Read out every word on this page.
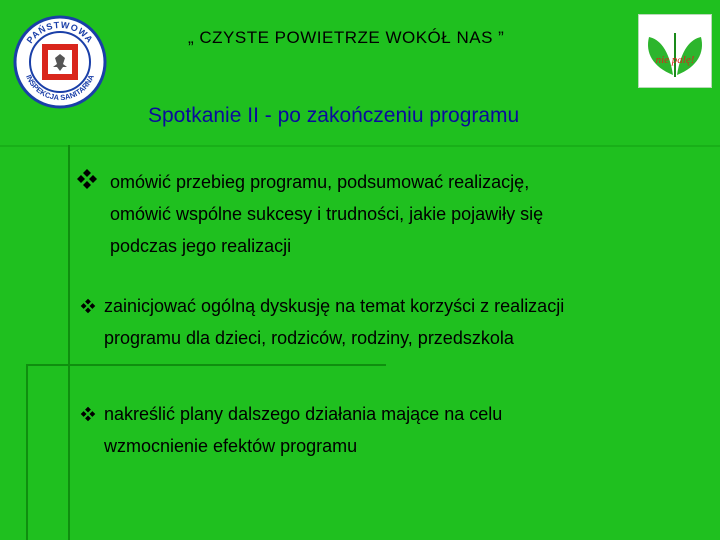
PAŃSTWOWA
INSPEKCJA SANITARNA
„ CZYSTE POWIETRZE WOKÓŁ NAS ”
nie palę!
Spotkanie II - po zakończeniu programu
omówić przebieg programu, podsumować realizację,
omówić wspólne sukcesy i trudności, jakie pojawiły się
podczas jego realizacji
zainicjować ogólną dyskusję na temat korzyści z realizacji
programu dla dzieci, rodziców, rodziny, przedszkola
nakreślić plany dalszego działania mające na celu
wzmocnienie efektów programu
